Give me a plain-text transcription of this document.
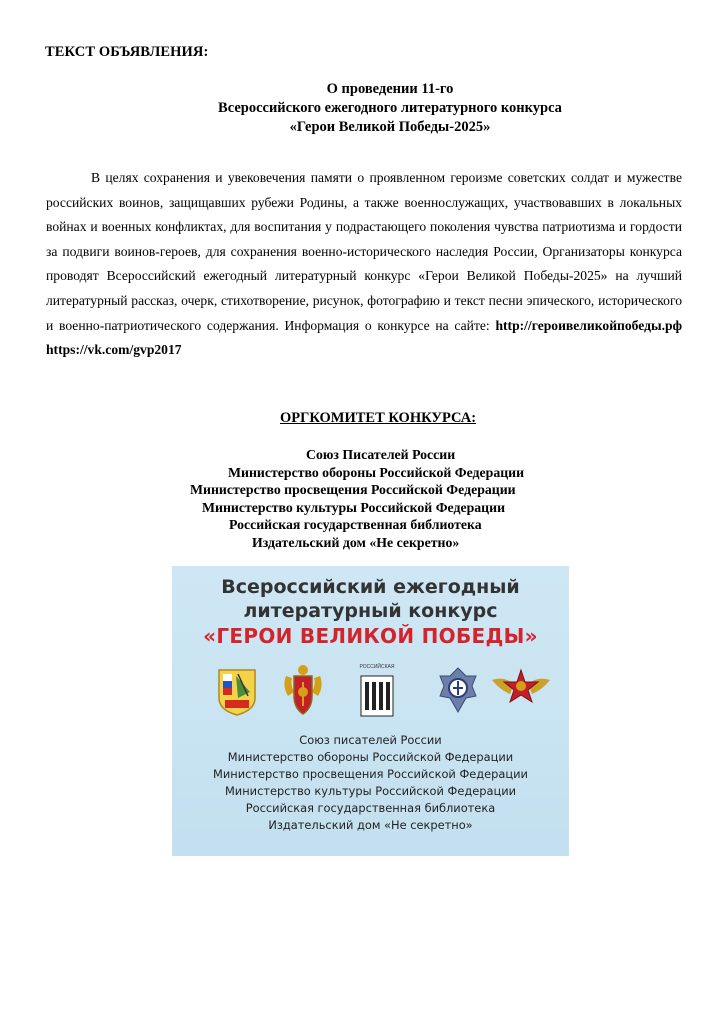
ТЕКСТ ОБЪЯВЛЕНИЯ:
О проведении 11-го
Всероссийского ежегодного литературного конкурса
«Герои Великой Победы-2025»
В целях сохранения и увековечения памяти о проявленном героизме советских солдат и мужестве российских воинов, защищавших рубежи Родины, а также военнослужащих, участвовавших в локальных войнах и военных конфликтах, для воспитания у подрастающего поколения чувства патриотизма и гордости за подвиги воинов-героев, для сохранения военно-исторического наследия России, Организаторы конкурса проводят Всероссийский ежегодный литературный конкурс «Герои Великой Победы-2025» на лучший литературный рассказ, очерк, стихотворение, рисунок, фотографию и текст песни эпического, исторического и военно-патриотического содержания. Информация о конкурсе на сайте: http://героивеликойпобеды.рф https://vk.com/gvp2017
ОРГКОМИТЕТ КОНКУРСА:
Союз Писателей России
Министерство обороны Российской Федерации
Министерство просвещения Российской Федерации
Министерство культуры Российской Федерации
Российская государственная библиотека
Издательский дом «Не секретно»
Всероссийский ежегодный
литературный конкурс
«ГЕРОИ ВЕЛИКОЙ ПОБЕДЫ»
РОССИЙСКАЯ
Союз писателей России
Министерство обороны Российской Федерации
Министерство просвещения Российской Федерации
Министерство культуры Российской Федерации
Российская государственная библиотека
Издательский дом «Не секретно»
